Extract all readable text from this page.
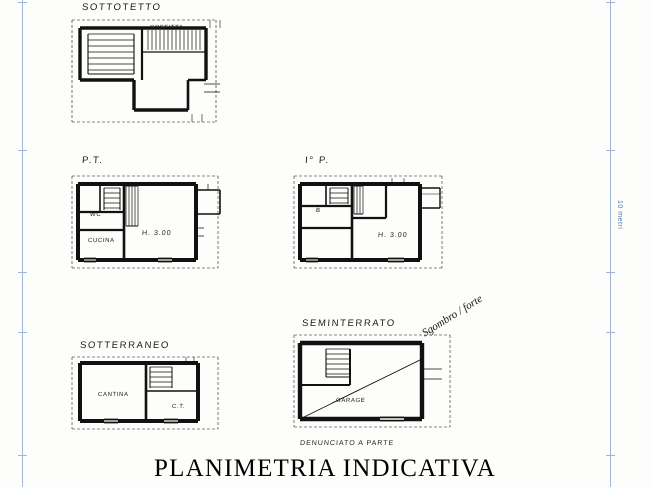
10 metri
SOTTOTETTO
SOFFITTA
P.T.
WC
CUCINA
H. 3.00
I° P.
B
H. 3.00
SOTTERRANEO
CANTINA
C.T.
SEMINTERRATO
GARAGE
DENUNCIATO A PARTE
Sgombro / forte
PLANIMETRIA INDICATIVA
